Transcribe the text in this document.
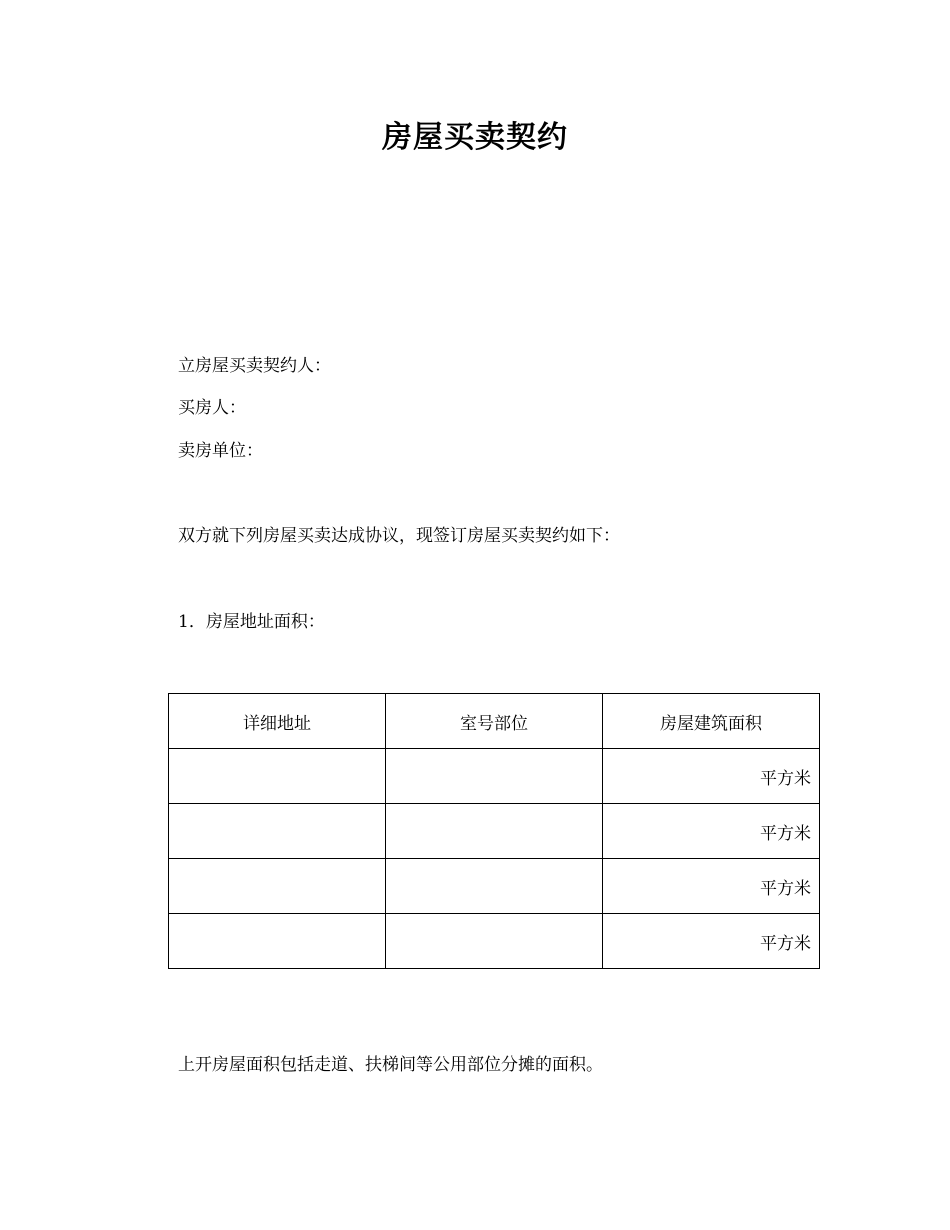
房屋买卖契约
立房屋买卖契约人：
买房人：
卖房单位：
双方就下列房屋买卖达成协议，现签订房屋买卖契约如下：
1．房屋地址面积：
详细地址	室号部位	房屋建筑面积
		平方米
		平方米
		平方米
		平方米
上开房屋面积包括走道、扶梯间等公用部位分摊的面积。
